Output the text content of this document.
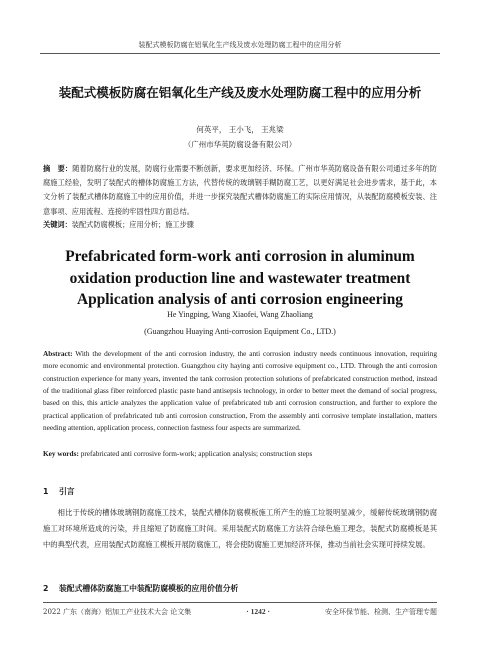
装配式模板防腐在铝氧化生产线及废水处理防腐工程中的应用分析
装配式模板防腐在铝氧化生产线及废水处理防腐工程中的应用分析
何英平， 王小飞， 王兆梁
（广州市华英防腐设备有限公司）
摘　要：随着防腐行业的发展，防腐行业需要不断创新，要求更加经济、环保。广州市华英防腐设备有限公司通过多年的防腐施工经验，发明了装配式的槽体防腐施工方法，代替传统的玻璃钢手糊防腐工艺，以更好满足社会进步需求，基于此，本文分析了装配式槽体防腐施工中的应用价值，并进一步探究装配式槽体防腐施工的实际应用情况，从装配防腐模板安装、注意事项、应用流程、连接的牢固性四方面总结。
关键词：装配式防腐模板；应用分析；施工步骤
Prefabricated form-work anti corrosion in aluminum oxidation production line and wastewater treatment Application analysis of anti corrosion engineering
He Yingping, Wang Xiaofei, Wang Zhaoliang
(Guangzhou Huaying Anti-corrosion Equipment Co., LTD.)
Abstract: With the development of the anti corrosion industry, the anti corrosion industry needs continuous innovation, requiring more economic and environmental protection. Guangzhou city haying anti corrosive equipment co., LTD. Through the anti corrosion construction experience for many years, invented the tank corrosion protection solutions of prefabricated construction method, instead of the traditional glass fiber reinforced plastic paste hand antisepsis technology, in order to better meet the demand of social progress, based on this, this article analyzes the application value of prefabricated tub anti corrosion construction, and further to explore the practical application of prefabricated tub anti corrosion construction, From the assembly anti corrosive template installation, matters needing attention, application process, connection fastness four aspects are summarized.
Key words: prefabricated anti corrosive form-work; application analysis; construction steps
1 引言
相比于传统的槽体玻璃钢防腐施工技术，装配式槽体防腐模板施工所产生的施工垃圾明显减少，缓解传统玻璃钢防腐施工对环境所造成的污染，并且缩短了防腐施工时间。采用装配式防腐施工方法符合绿色施工理念，装配式防腐模板是其中的典型代表，应用装配式防腐施工模板开展防腐施工，将会使防腐施工更加经济环保，推动当前社会实现可持续发展。
2 装配式槽体防腐施工中装配防腐模板的应用价值分析
2022 广东（南海）铝加工产业技术大会 论文集	· 1242 ·	安全环保节能、检测、生产管理专题
